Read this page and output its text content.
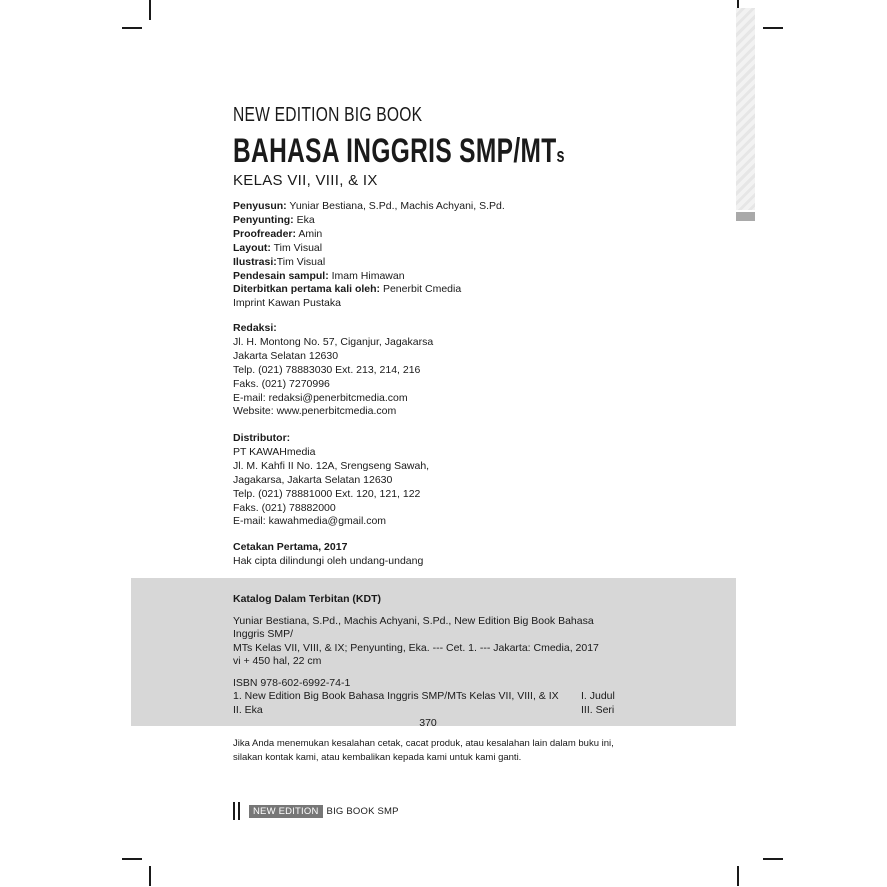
NEW EDITION BIG BOOK
BAHASA INGGRIS SMP/MTs
KELAS VII, VIII, & IX
Penyusun: Yuniar Bestiana, S.Pd., Machis Achyani, S.Pd.
Penyunting: Eka
Proofreader: Amin
Layout: Tim Visual
Ilustrasi:Tim Visual
Pendesain sampul: Imam Himawan
Diterbitkan pertama kali oleh: Penerbit Cmedia
Imprint Kawan Pustaka
Redaksi:
Jl. H. Montong No. 57, Ciganjur, Jagakarsa
Jakarta Selatan 12630
Telp. (021) 78883030 Ext. 213, 214, 216
Faks. (021) 7270996
E-mail: redaksi@penerbitcmedia.com
Website: www.penerbitcmedia.com
Distributor:
PT KAWAHmedia
Jl. M. Kahfi II No. 12A, Srengseng Sawah,
Jagakarsa, Jakarta Selatan 12630
Telp. (021) 78881000 Ext. 120, 121, 122
Faks. (021) 78882000
E-mail: kawahmedia@gmail.com
Cetakan Pertama, 2017
Hak cipta dilindungi oleh undang-undang
Katalog Dalam Terbitan (KDT)
Yuniar Bestiana, S.Pd., Machis Achyani, S.Pd., New Edition Big Book Bahasa Inggris SMP/
MTs Kelas VII, VIII, & IX; Penyunting, Eka. --- Cet. 1. --- Jakarta: Cmedia, 2017
vi + 450 hal, 22 cm
ISBN 978-602-6992-74-1
1. New Edition Big Book Bahasa Inggris SMP/MTs Kelas VII, VIII, & IX I. Judul
II. Eka	III. Seri
370
Jika Anda menemukan kesalahan cetak, cacat produk, atau kesalahan lain dalam buku ini,
silakan kontak kami, atau kembalikan kepada kami untuk kami ganti.
NEW EDITION BIG BOOK SMP
